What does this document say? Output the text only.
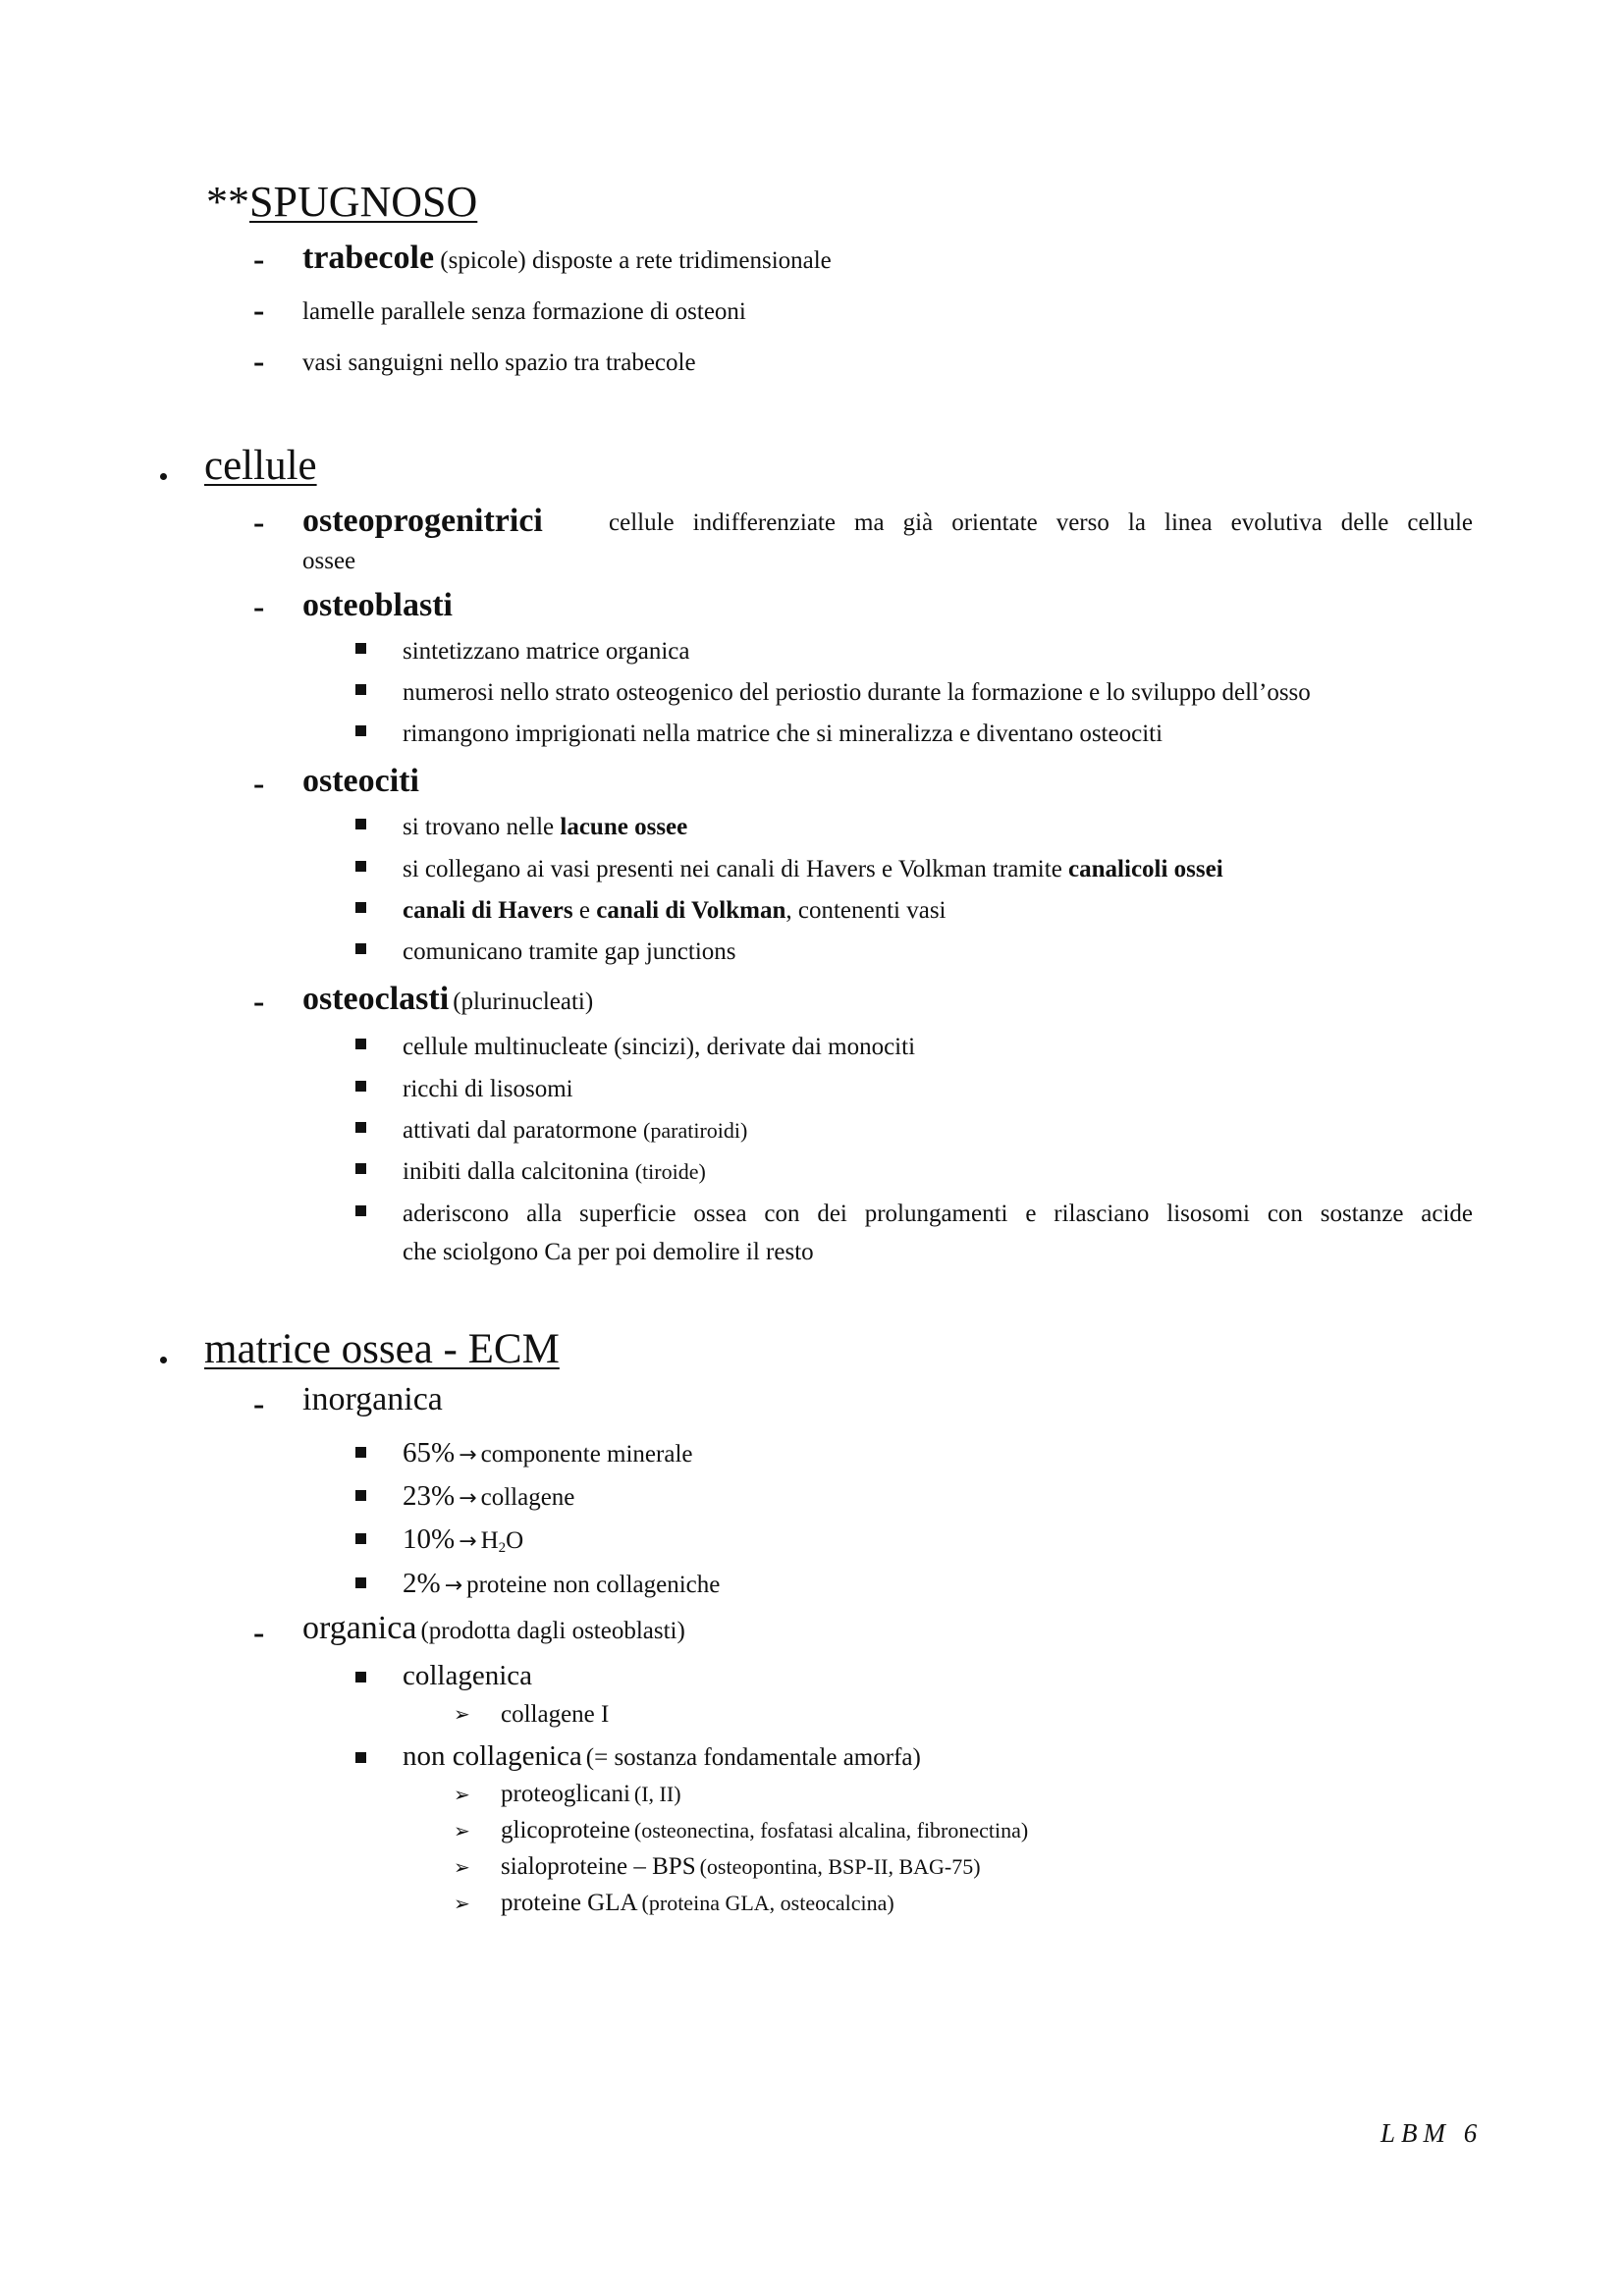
**SPUGNOSO
- trabecole (spicole) disposte a rete tridimensionale
- lamelle parallele senza formazione di osteoni
- vasi sanguigni nello spazio tra trabecole
cellule
- osteoprogenitrici	cellule indifferenziate ma già orientate verso la linea evolutiva delle cellule
ossee
- osteoblasti
sintetizzano matrice organica
numerosi nello strato osteogenico del periostio durante la formazione e lo sviluppo dell’osso
rimangono imprigionati nella matrice che si mineralizza e diventano osteociti
- osteociti
si trovano nelle lacune ossee
si collegano ai vasi presenti nei canali di Havers e Volkman tramite canalicoli ossei
canali di Havers e canali di Volkman, contenenti vasi
comunicano tramite gap junctions
- osteoclasti (plurinucleati)
cellule multinucleate (sincizi), derivate dai monociti
ricchi di lisosomi
attivati dal paratormone (paratiroidi)
inibiti dalla calcitonina (tiroide)
aderiscono alla superficie ossea con dei prolungamenti e rilasciano lisosomi con sostanze acide
che sciolgono Ca per poi demolire il resto
matrice ossea - ECM
- inorganica
65% → componente minerale
23% → collagene
$10\% \to H_2O$
2% → proteine non collageniche
- organica (prodotta dagli osteoblasti)
collagenica
➢ collagene I
non collagenica (= sostanza fondamentale amorfa)
➢ proteoglicani (I, II)
➢ glicoproteine (osteonectina, fosfatasi alcalina, fibronectina)
➢ sialoproteine – BPS (osteopontina, BSP-II, BAG-75)
➢ proteine GLA (proteina GLA, osteocalcina)
LBM 6
